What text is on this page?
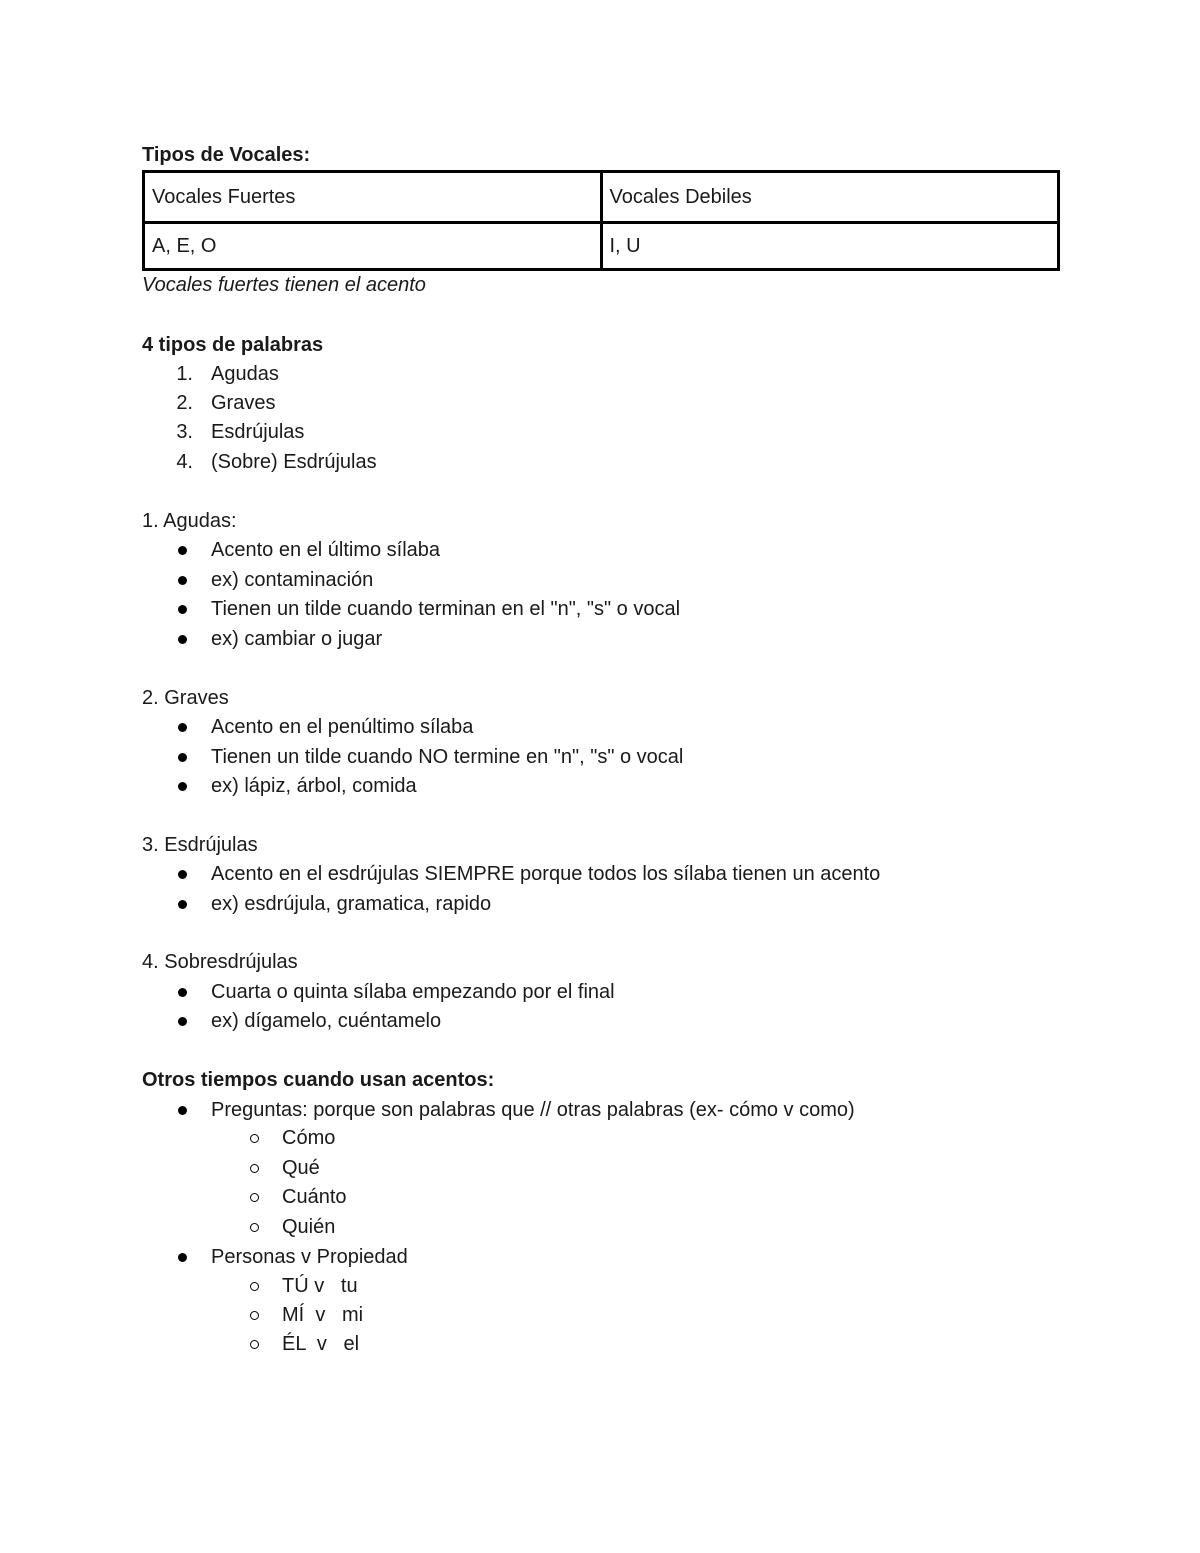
Tipos de Vocales:
Vocales Fuertes	Vocales Debiles
A, E, O	I, U
Vocales fuertes tienen el acento
4 tipos de palabras
1. Agudas
2. Graves
3. Esdrújulas
4. (Sobre) Esdrújulas
1. Agudas:
Acento en el último sílaba
ex) contaminación
Tienen un tilde cuando terminan en el "n", "s" o vocal
ex) cambiar o jugar
2. Graves
Acento en el penúltimo sílaba
Tienen un tilde cuando NO termine en "n", "s" o vocal
ex) lápiz, árbol, comida
3. Esdrújulas
Acento en el esdrújulas SIEMPRE porque todos los sílaba tienen un acento
ex) esdrújula, gramatica, rapido
4. Sobresdrújulas
Cuarta o quinta sílaba empezando por el final
ex) dígamelo, cuéntamelo
Otros tiempos cuando usan acentos:
Preguntas: porque son palabras que // otras palabras (ex- cómo v como)
Cómo
Qué
Cuánto
Quién
Personas v Propiedad
TÚ v   tu
MÍ  v   mi
ÉL  v   el
